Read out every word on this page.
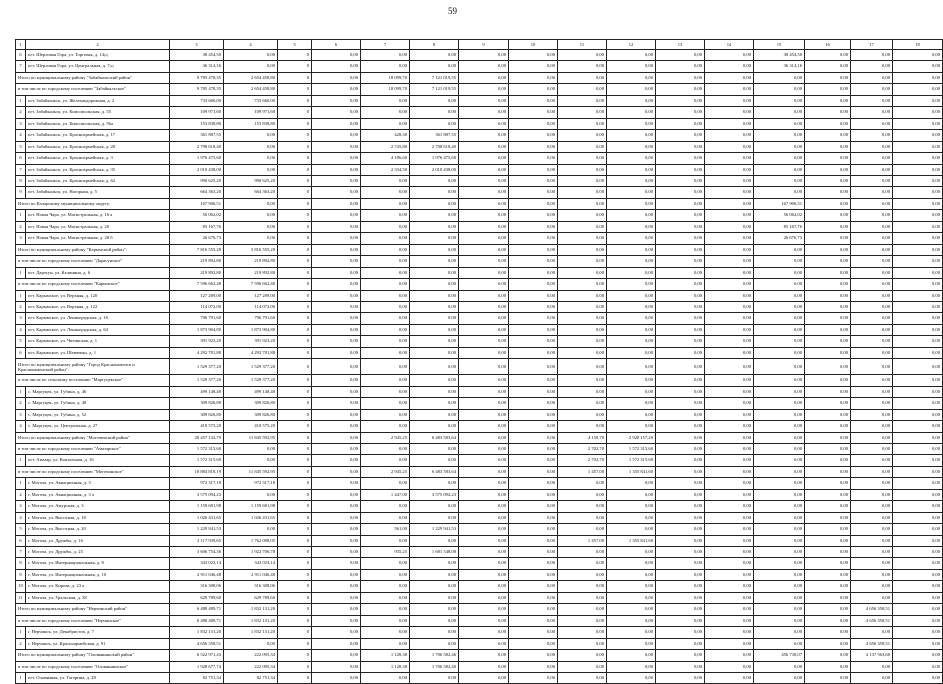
59
1	2	3	4	5	6	7	8	9	10	11	12	13	14	15	16	17	18
6	пгт. Шерловая Гора, ул. Торговая, д. 14$^{(2)}$	38 454,50	0,00	0	0,00	0,00	0,00	0,00	0,00	0,00	0,00	0,00	0,00	38 454,50	0,00	0,00	0,00
7	пгт. Шерловая Гора, ул. Центральная, д. 7$^{(2)}$	36 314,16	0,00	0	0,00	0,00	0,00	0,00	0,00	0,00	0,00	0,00	0,00	36 314,16	0,00	0,00	0,00
Итого по муниципальному району "Забайкальский район"		9 785 478,35	2 654 458,80	0	0,00	18 099,70	7 121 019,55	0,00	0,00	0,00	0,00	0,00	0,00	0,00	0,00	0,00	0,00
в том числе по городскому поселению "Забайкальское"		9 785 478,35	2 654 458,80	0	0,00	18 099,70	7 121 019,55	0,00	0,00	0,00	0,00	0,00	0,00	0,00	0,00	0,00	0,00
1	пгт. Забайкальск, ул. Железнодорожная, д. 2	733 660,00	733 660,00	0	0,00	0,00	0,00	0,00	0,00	0,00	0,00	0,00	0,00	0,00	0,00	0,00	0,00
2	пгт. Забайкальск, ул. Комсомольская, д. 55	109 971,60	109 971,60	0	0,00	0,00	0,00	0,00	0,00	0,00	0,00	0,00	0,00	0,00	0,00	0,00	0,00
3	пгт. Забайкальск, ул. Комсомольская, д. 56а	153 838,80	153 838,80	0	0,00	0,00	0,00	0,00	0,00	0,00	0,00	0,00	0,00	0,00	0,00	0,00	0,00
4	пгт. Забайкальск, ул. Красноармейская, д. 17	361 887,55	0,00	0	0,00	428,30	361 887,55	0,00	0,00	0,00	0,00	0,00	0,00	0,00	0,00	0,00	0,00
5	пгт. Забайкальск, ул. Красноармейская, д. 28	2 798 618,40	0,00	0	0,00	2 745,80	2 798 618,40	0,00	0,00	0,00	0,00	0,00	0,00	0,00	0,00	0,00	0,00
6	пгт. Забайкальск, ул. Красноармейская, д. 3	1 976 475,60	0,00	0	0,00	4 186,60	1 976 475,60	0,00	0,00	0,00	0,00	0,00	0,00	0,00	0,00	0,00	0,00
7	пгт. Забайкальск, ул. Красноармейская, д. 35	2 010 438,00	0,00	0	0,00	2 334,50	2 010 438,00	0,00	0,00	0,00	0,00	0,00	0,00	0,00	0,00	0,00	0,00
8	пгт. Забайкальск, ул. Красноармейская, д. 62	990 625,20	990 625,20	0	0,00	0,00	0,00	0,00	0,00	0,00	0,00	0,00	0,00	0,00	0,00	0,00	0,00
9	пгт. Забайкальск, ул. Нагорная, д. 5	664 363,20	664 363,20	0	0,00	0,00	0,00	0,00	0,00	0,00	0,00	0,00	0,00	0,00	0,00	0,00	0,00
Итого по Каларскому муниципальному округу:		167 906,51	0,00	0	0,00	0,00	0,00	0,00	0,00	0,00	0,00	0,00	0,00	167 906,51	0,00	0,00	0,00
1	пгт. Новая Чара, ул. Магистральная, д. 16 а	56 062,02	0,00	0	0,00	0,00	0,00	0,00	0,00	0,00	0,00	0,00	0,00	56 062,02	0,00	0,00	0,00
2	пгт. Новая Чара, ул. Магистральная, д. 20	85 167,76	0,00	0	0,00	0,00	0,00	0,00	0,00	0,00	0,00	0,00	0,00	85 167,76	0,00	0,00	0,00
3	пгт. Новая Чара, ул. Магистральная, д. 28 б	26 676,73	0,00	0	0,00	0,00	0,00	0,00	0,00	0,00	0,00	0,00	0,00	26 676,73	0,00	0,00	0,00
Итого по муниципальному району "Карымский район":		7 816 555,28	3 816 555,28	0	0,00	0,00	0,00	0,00	0,00	0,00	0,00	0,00	0,00	0,00	0,00	0,00	0,00
в том числе по городскому поселению "Дарасунское"		219 892,80	219 892,80	0	0,00	0,00	0,00	0,00	0,00	0,00	0,00	0,00	0,00	0,00	0,00	0,00	0,00
1	пгт. Дарасун, ул. Калинина, д. 6	219 892,80	219 892,80	0	0,00	0,00	0,00	0,00	0,00	0,00	0,00	0,00	0,00	0,00	0,00	0,00	0,00
в том числе по городскому поселению "Карымское"		7 596 662,48	7 596 662,48	0	0,00	0,00	0,00	0,00	0,00	0,00	0,00	0,00	0,00	0,00	0,00	0,00	0,00
1	пгт. Карымское, ул. Верхняя, д. 120	127 289,00	127 289,00	0	0,00	0,00	0,00	0,00	0,00	0,00	0,00	0,00	0,00	0,00	0,00	0,00	0,00
2	пгт. Карымское, ул. Верхняя, д. 122	114 072,00	114 072,00	0	0,00	0,00	0,00	0,00	0,00	0,00	0,00	0,00	0,00	0,00	0,00	0,00	0,00
3	пгт. Карымское, ул. Ленинградская, д. 16	796 791,60	796 791,60	0	0,00	0,00	0,00	0,00	0,00	0,00	0,00	0,00	0,00	0,00	0,00	0,00	0,00
4	пгт. Карымское, ул. Ленинградская, д. 64	1 873 904,80	1 873 904,80	0	0,00	0,00	0,00	0,00	0,00	0,00	0,00	0,00	0,00	0,00	0,00	0,00	0,00
5	пгт. Карымское, ул. Читинская, д. 1	391 923,20	391 923,20	0	0,00	0,00	0,00	0,00	0,00	0,00	0,00	0,00	0,00	0,00	0,00	0,00	0,00
6	пгт. Карымское, ул. Шевченко, д. 1	4 292 781,88	4 292 781,88	0	0,00	0,00	0,00	0,00	0,00	0,00	0,00	0,00	0,00	0,00	0,00	0,00	0,00
Итого по муниципальному району "Город Краснокаменск и Краснокаменский район":		1 529 377,20	1 529 377,20	0	0,00	0,00	0,00	0,00	0,00	0,00	0,00	0,00	0,00	0,00	0,00	0,00	0,00
в том числе по сельскому поселению "Маргуцекское"		1 529 377,20	1 529 377,20	0	0,00	0,00	0,00	0,00	0,00	0,00	0,00	0,00	0,00	0,00	0,00	0,00	0,00
1	с. Маргуцек, ул. Губина, д. 46	499 148,40	499 148,40	0	0,00	0,00	0,00	0,00	0,00	0,00	0,00	0,00	0,00	0,00	0,00	0,00	0,00
2	с. Маргуцек, ул. Губина, д. 48	309 826,80	309 826,80	0	0,00	0,00	0,00	0,00	0,00	0,00	0,00	0,00	0,00	0,00	0,00	0,00	0,00
3	с. Маргуцек, ул. Губина, д. 52	309 826,80	309 826,80	0	0,00	0,00	0,00	0,00	0,00	0,00	0,00	0,00	0,00	0,00	0,00	0,00	0,00
4	с. Маргуцек, ул. Центральная, д. 27	410 575,20	410 575,20	0	0,00	0,00	0,00	0,00	0,00	0,00	0,00	0,00	0,00	0,00	0,00	0,00	0,00
Итого по муниципальному району "Могочинский район"		20 457 132,79	11 845 592,95	0	0,00	2 945,25	6 483 583,64	0,00	0,00	4 159,70	2 928 157,20	0,00	0,00	0,00	0,00	0,00	0,00
в том числе по городскому поселению "Амазарское"		1 572 315,60	0,00	0	0,00	0,00	0,00	0,00	0,00	2 702,70	1 572 315,60	0,00	0,00	0,00	0,00	0,00	0,00
1	пгт. Амазар, ул. Вокзальная, д. 16	1 572 315,60	0,00	0	0,00	0,00	0,00	0,00	0,00	2 702,70	1 572 315,60	0,00	0,00	0,00	0,00	0,00	0,00
в том числе по городскому поселению "Могочинское"		18 884 818,19	11 845 592,95	0	0,00	2 945,25	6 483 583,64	0,00	0,00	1 457,00	1 355 841,60	0,00	0,00	0,00	0,00	0,00	0,00
1	г. Могоча, ул. Авиационная, д. 3	972 317,18	972 317,18	0	0,00	0,00	0,00	0,00	0,00	0,00	0,00	0,00	0,00	0,00	0,00	0,00	0,00
2	г. Могоча, ул. Авиационная, д. 3 а	3 575 094,23	0,00	0	0,00	1 447,00	3 575 094,23	0,00	0,00	0,00	0,00	0,00	0,00	0,00	0,00	0,00	0,00
3	г. Могоча, ул. Амурская, д. 3	1 159 681,98	1 159 681,98	0	0,00	0,00	0,00	0,00	0,00	0,00	0,00	0,00	0,00	0,00	0,00	0,00	0,00
4	г. Могоча, ул. Высотная, д. 18	1 026 431,65	1 026 431,65	0	0,00	0,00	0,00	0,00	0,00	0,00	0,00	0,00	0,00	0,00	0,00	0,00	0,00
5	г. Могоча, ул. Высотная, д. 20	1 229 941,53	0,00	0	0,00	561,00	1 229 941,53	0,00	0,00	0,00	0,00	0,00	0,00	0,00	0,00	0,00	0,00
6	г. Могоча, ул. Дружбы, д. 16	3 117 939,65	1 762 098,05	0	0,00	0,00	0,00	0,00	0,00	1 457,00	1 355 841,60	0,00	0,00	0,00	0,00	0,00	0,00
7	г. Могоча, ул. Дружбы, д. 25	3 606 754,36	1 922 706,78	0	0,00	935,25	1 681 548,08	0,00	0,00	0,00	0,00	0,00	0,00	0,00	0,00	0,00	0,00
8	г. Могоча, ул. Интернациональная, д. 8	343 023,14	343 023,14	0	0,00	0,00	0,00	0,00	0,00	0,00	0,00	0,00	0,00	0,00	0,00	0,00	0,00
9	г. Могоча, ул. Интернациональная, д. 10	2 911 046,48	2 911 046,48	0	0,00	0,00	0,00	0,00	0,00	0,00	0,00	0,00	0,00	0,00	0,00	0,00	0,00
10	г. Могоча, ул. Кирова, д. 23 а	316 308,06	316 308,06	0	0,00	0,00	0,00	0,00	0,00	0,00	0,00	0,00	0,00	0,00	0,00	0,00	0,00
11	г. Могоча, ул. Уральская, д. 38	629 789,60	629 789,60	0	0,00	0,00	0,00	0,00	0,00	0,00	0,00	0,00	0,00	0,00	0,00	0,00	0,00
Итого по муниципальному району "Нерчинский район"		6 488 489,71	1 832 131,20	0	0,00	0,00	0,00	0,00	0,00	0,00	0,00	0,00	0,00	0,00	0,00	4 656 358,51	0,00
в том числе по городскому поселению "Нерчинское"		6 488 489,71	1 832 131,20	0	0,00	0,00	0,00	0,00	0,00	0,00	0,00	0,00	0,00	0,00	0,00	4 656 358,51	0,00
1	г. Нерчинск, ул. Декабристов, д. 7	1 832 131,20	1 832 131,20	0	0,00	0,00	0,00	0,00	0,00	0,00	0,00	0,00	0,00	0,00	0,00	0,00	0,00
2	г. Нерчинск, ул. Красноармейская, д. 91	4 656 358,51	0,00	0	0,00	0,00	0,00	0,00	0,00	0,00	0,00	0,00	0,00	0,00	0,00	4 656 358,51	0,00
Итого по муниципальному району "Оловяннинский район"		6 522 971,43	222 095,34	0	0,00	1 128,38	1 706 582,46	0,00	0,00	0,00	0,00	0,00	0,00	456 730,07	0,00	4 137 563,60	0,00
в том числе по городскому поселению "Оловяннинское"		1 928 677,74	222 095,34	0	0,00	1 128,38	1 706 582,40	0,00	0,00	0,00	0,00	0,00	0,00	0,00	0,00	0,00	0,00
1	пгт. Оловянная, ул. Гагарина, д. 28	82 751,34	82 751,34	0	0,00	0,00	0,00	0,00	0,00	0,00	0,00	0,00	0,00	0,00	0,00	0,00	0,00
